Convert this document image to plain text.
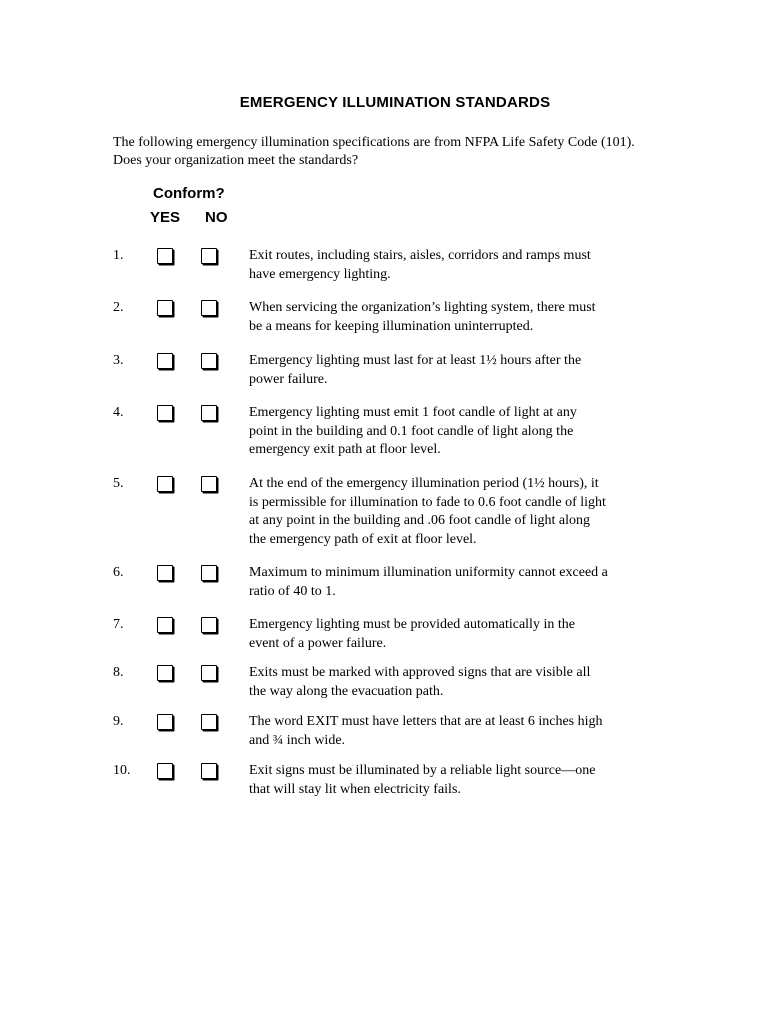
EMERGENCY ILLUMINATION STANDARDS
The following emergency illumination specifications are from NFPA Life Safety Code (101).
Does your organization meet the standards?
Conform?
YES NO
1.	Exit routes, including stairs, aisles, corridors and ramps must
have emergency lighting.
2.	When servicing the organization’s lighting system, there must
be a means for keeping illumination uninterrupted.
3.	Emergency lighting must last for at least 1½ hours after the
power failure.
4.	Emergency lighting must emit 1 foot candle of light at any
point in the building and 0.1 foot candle of light along the
emergency exit path at floor level.
5.	At the end of the emergency illumination period (1½ hours), it
is permissible for illumination to fade to 0.6 foot candle of light
at any point in the building and .06 foot candle of light along
the emergency path of exit at floor level.
6.	Maximum to minimum illumination uniformity cannot exceed a
ratio of 40 to 1.
7.	Emergency lighting must be provided automatically in the
event of a power failure.
8.	Exits must be marked with approved signs that are visible all
the way along the evacuation path.
9.	The word EXIT must have letters that are at least 6 inches high
and ¾ inch wide.
10.	Exit signs must be illuminated by a reliable light source—one
that will stay lit when electricity fails.
